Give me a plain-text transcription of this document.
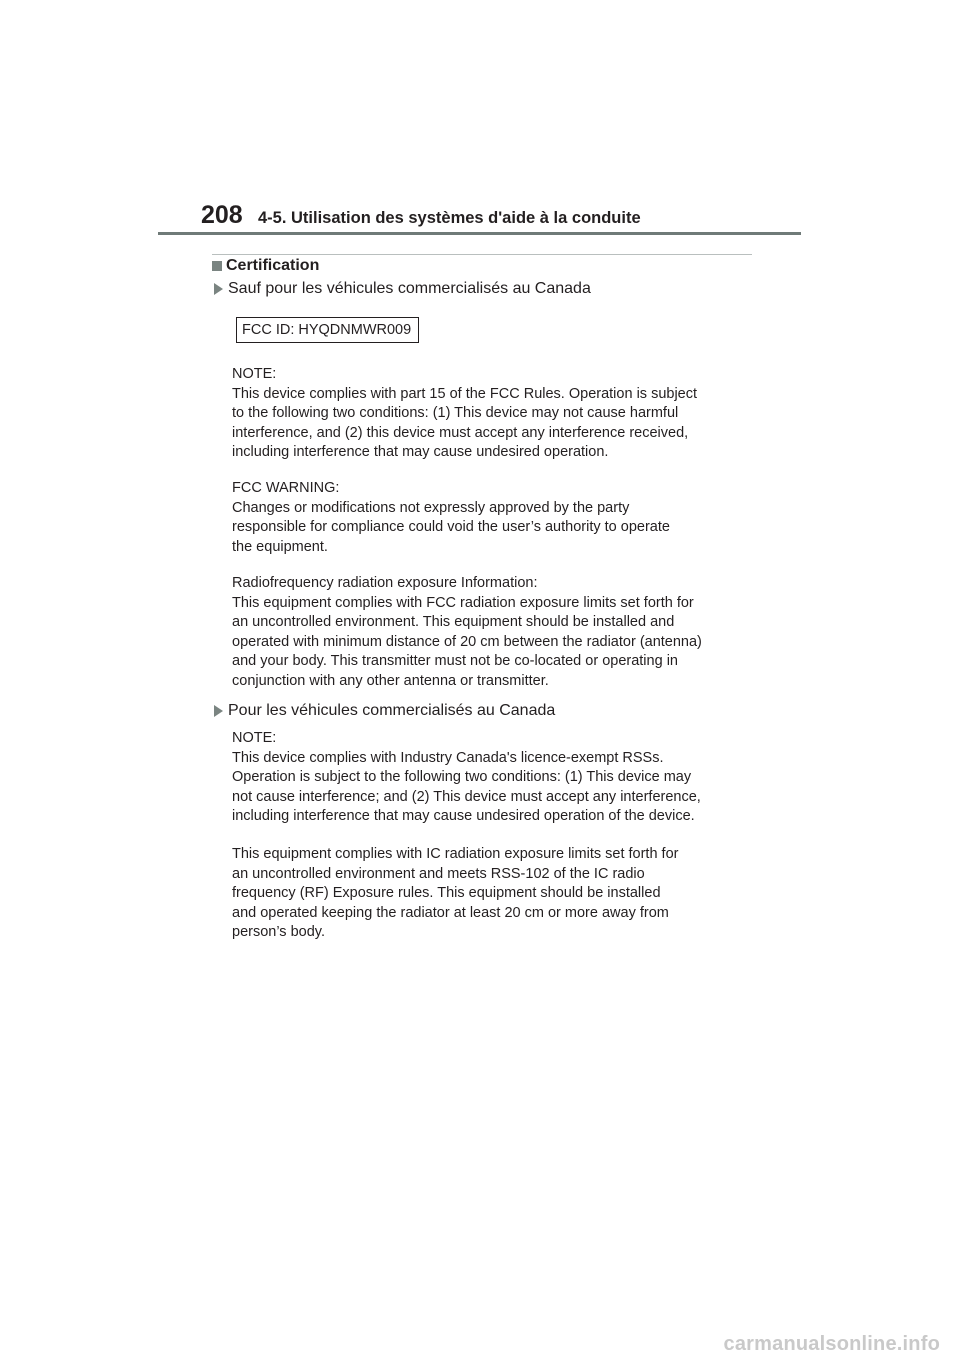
208 4-5. Utilisation des systèmes d'aide à la conduite
Certification
Sauf pour les véhicules commercialisés au Canada
FCC ID: HYQDNMWR009

NOTE:

This device complies with part 15 of the FCC Rules. Operation is subject

to the following two conditions: (1) This device may not cause harmful

interference, and (2) this device must accept any interference received,

including interference that may cause undesired operation.

FCC WARNING:

Changes or modifications not expressly approved by the party

responsible for compliance could void the user’s authority to operate

the equipment.

Radiofrequency radiation exposure Information:

This equipment complies with FCC radiation exposure limits set forth for

an uncontrolled environment. This equipment should be installed and

operated with minimum distance of 20 cm between the radiator (antenna)

and your body. This transmitter must not be co-located or operating in

conjunction with any other antenna or transmitter.

Pour les véhicules commercialisés au Canada

NOTE:

This device complies with Industry Canada's licence-exempt RSSs.

Operation is subject to the following two conditions: (1) This device may

not cause interference; and (2) This device must accept any interference,

including interference that may cause undesired operation of the device.

This equipment complies with IC radiation exposure limits set forth for

an uncontrolled environment and meets RSS-102 of the IC radio

frequency (RF) Exposure rules. This equipment should be installed

and operated keeping the radiator at least 20 cm or more away from

person’s body.

carmanualsonline.info
